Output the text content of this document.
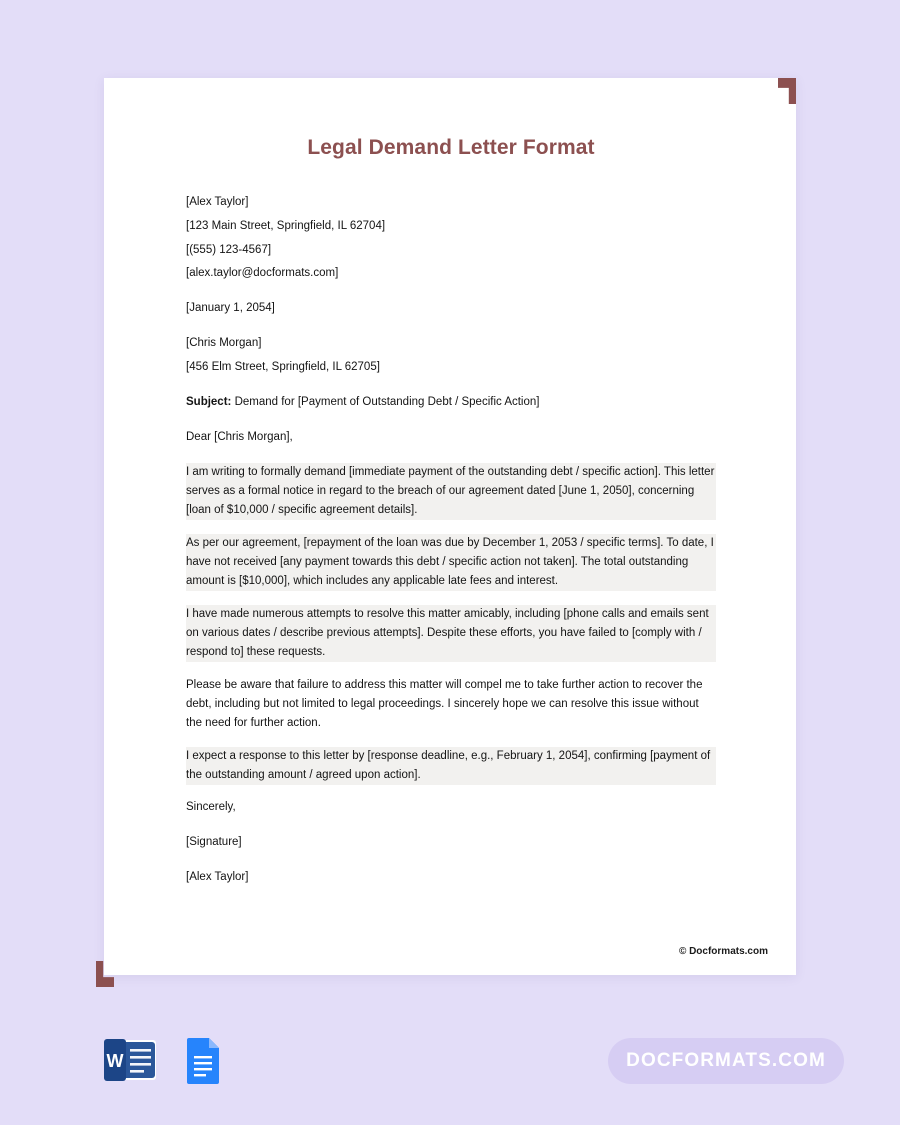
Legal Demand Letter Format

[Alex Taylor]

[123 Main Street, Springfield, IL 62704]

[(555) 123-4567]

[alex.taylor@docformats.com]

[January 1, 2054]

[Chris Morgan]

[456 Elm Street, Springfield, IL 62705]

Subject: Demand for [Payment of Outstanding Debt / Specific Action]

Dear [Chris Morgan],

I am writing to formally demand [immediate payment of the outstanding debt / specific action]. This letter serves as a formal notice in regard to the breach of our agreement dated [June 1, 2050], concerning [loan of $10,000 / specific agreement details].

As per our agreement, [repayment of the loan was due by December 1, 2053 / specific terms]. To date, I have not received [any payment towards this debt / specific action not taken]. The total outstanding amount is [$10,000], which includes any applicable late fees and interest.

I have made numerous attempts to resolve this matter amicably, including [phone calls and emails sent on various dates / describe previous attempts]. Despite these efforts, you have failed to [comply with / respond to] these requests.

Please be aware that failure to address this matter will compel me to take further action to recover the debt, including but not limited to legal proceedings. I sincerely hope we can resolve this issue without the need for further action.

I expect a response to this letter by [response deadline, e.g., February 1, 2054], confirming [payment of the outstanding amount / agreed upon action].

Sincerely,

[Signature]

[Alex Taylor]

© Docformats.com
W	DOCFORMATS.COM
